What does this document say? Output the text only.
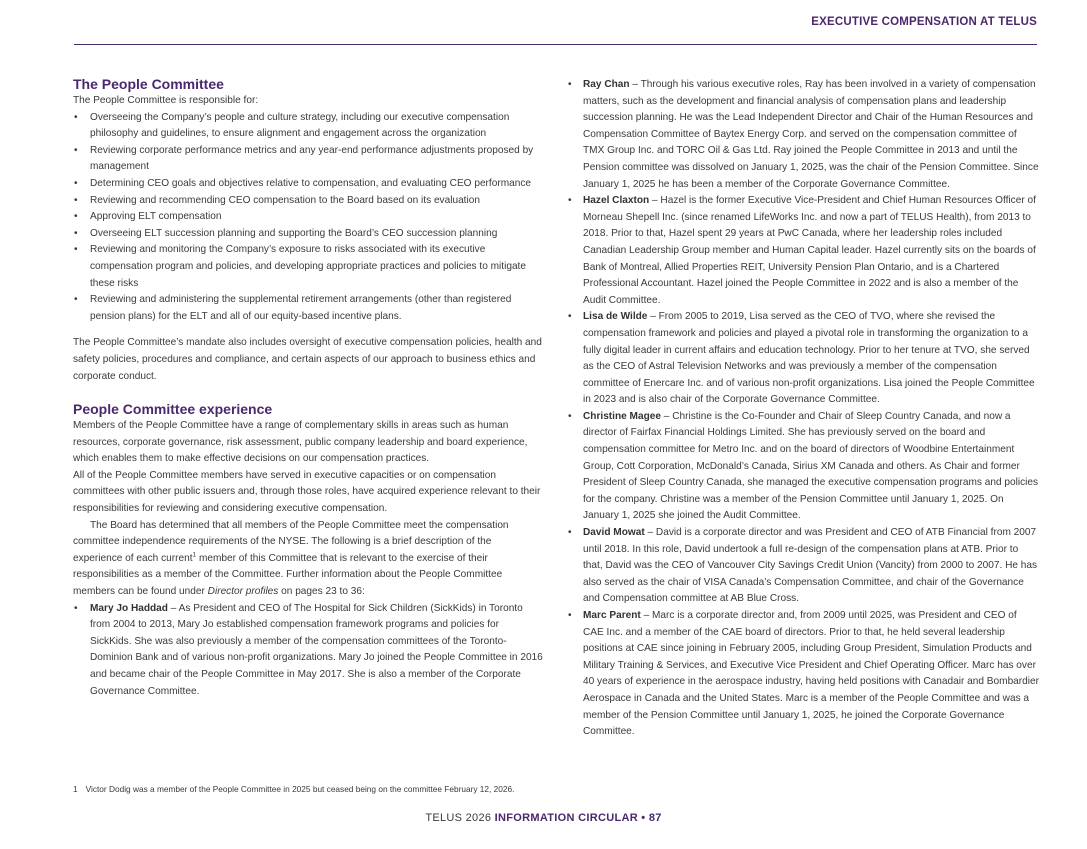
EXECUTIVE COMPENSATION AT TELUS
The People Committee

The People Committee is responsible for:

• Overseeing the Company’s people and culture strategy, including our executive compensation philosophy and guidelines, to ensure alignment and engagement across the organization
• Reviewing corporate performance metrics and any year-end performance adjustments proposed by management
• Determining CEO goals and objectives relative to compensation, and evaluating CEO performance
• Reviewing and recommending CEO compensation to the Board based on its evaluation
• Approving ELT compensation
• Overseeing ELT succession planning and supporting the Board’s CEO succession planning
• Reviewing and monitoring the Company’s exposure to risks associated with its executive compensation program and policies, and developing appropriate practices and policies to mitigate these risks
• Reviewing and administering the supplemental retirement arrangements (other than registered pension plans) for the ELT and all of our equity-based incentive plans.

The People Committee’s mandate also includes oversight of executive compensation policies, health and safety policies, procedures and compliance, and certain aspects of our approach to business ethics and corporate conduct.

People Committee experience

Members of the People Committee have a range of complementary skills in areas such as human resources, corporate governance, risk assessment, public company leadership and board experience, which enables them to make effective decisions on our compensation practices.

All of the People Committee members have served in executive capacities or on compensation committees with other public issuers and, through those roles, have acquired experience relevant to their responsibilities for reviewing and considering executive compensation.

The Board has determined that all members of the People Committee meet the compensation committee independence requirements of the NYSE. The following is a brief description of the experience of each current$^1$ member of this Committee that is relevant to the exercise of their responsibilities as a member of the Committee. Further information about the People Committee members can be found under Director profiles on pages 23 to 36:

• Mary Jo Haddad – As President and CEO of The Hospital for Sick Children (SickKids) in Toronto from 2004 to 2013, Mary Jo established compensation framework programs and policies for SickKids. She was also previously a member of the compensation committees of the Toronto-Dominion Bank and of various non-profit organizations. Mary Jo joined the People Committee in 2016 and became chair of the People Committee in May 2017. She is also a member of the Corporate Governance Committee.
• Ray Chan – Through his various executive roles, Ray has been involved in a variety of compensation matters, such as the development and financial analysis of compensation plans and leadership succession planning. He was the Lead Independent Director and Chair of the Human Resources and Compensation Committee of Baytex Energy Corp. and served on the compensation committee of TMX Group Inc. and TORC Oil & Gas Ltd. Ray joined the People Committee in 2013 and until the Pension committee was dissolved on January 1, 2025, was the chair of the Pension Committee. Since January 1, 2025 he has been a member of the Corporate Governance Committee.
• Hazel Claxton – Hazel is the former Executive Vice-President and Chief Human Resources Officer of Morneau Shepell Inc. (since renamed LifeWorks Inc. and now a part of TELUS Health), from 2013 to 2018. Prior to that, Hazel spent 29 years at PwC Canada, where her leadership roles included Canadian Leadership Group member and Human Capital leader. Hazel currently sits on the boards of Bank of Montreal, Allied Properties REIT, University Pension Plan Ontario, and is a Chartered Professional Accountant. Hazel joined the People Committee in 2022 and is also a member of the Audit Committee.
• Lisa de Wilde – From 2005 to 2019, Lisa served as the CEO of TVO, where she revised the compensation framework and policies and played a pivotal role in transforming the organization to a fully digital leader in current affairs and education technology. Prior to her tenure at TVO, she served as the CEO of Astral Television Networks and was previously a member of the compensation committee of Enercare Inc. and of various non-profit organizations. Lisa joined the People Committee in 2023 and is also chair of the Corporate Governance Committee.
• Christine Magee – Christine is the Co-Founder and Chair of Sleep Country Canada, and now a director of Fairfax Financial Holdings Limited. She has previously served on the board and compensation committee for Metro Inc. and on the board of directors of Woodbine Entertainment Group, Cott Corporation, McDonald’s Canada, Sirius XM Canada and others. As Chair and former President of Sleep Country Canada, she managed the executive compensation programs and policies for the company. Christine was a member of the Pension Committee until January 1, 2025. On January 1, 2025 she joined the Audit Committee.
• David Mowat – David is a corporate director and was President and CEO of ATB Financial from 2007 until 2018. In this role, David undertook a full re-design of the compensation plans at ATB. Prior to that, David was the CEO of Vancouver City Savings Credit Union (Vancity) from 2000 to 2007. He has also served as the chair of VISA Canada’s Compensation Committee, and chair of the Governance and Compensation committee at AB Blue Cross.
• Marc Parent – Marc is a corporate director and, from 2009 until 2025, was President and CEO of CAE Inc. and a member of the CAE board of directors. Prior to that, he held several leadership positions at CAE since joining in February 2005, including Group President, Simulation Products and Military Training & Services, and Executive Vice President and Chief Operating Officer. Marc has over 40 years of experience in the aerospace industry, having held positions with Canadair and Bombardier Aerospace in Canada and the United States. Marc is a member of the People Committee and was a member of the Pension Committee until January 1, 2025, he joined the Corporate Governance Committee.
1 Victor Dodig was a member of the People Committee in 2025 but ceased being on the committee February 12, 2026.
TELUS 2026 INFORMATION CIRCULAR • 87
